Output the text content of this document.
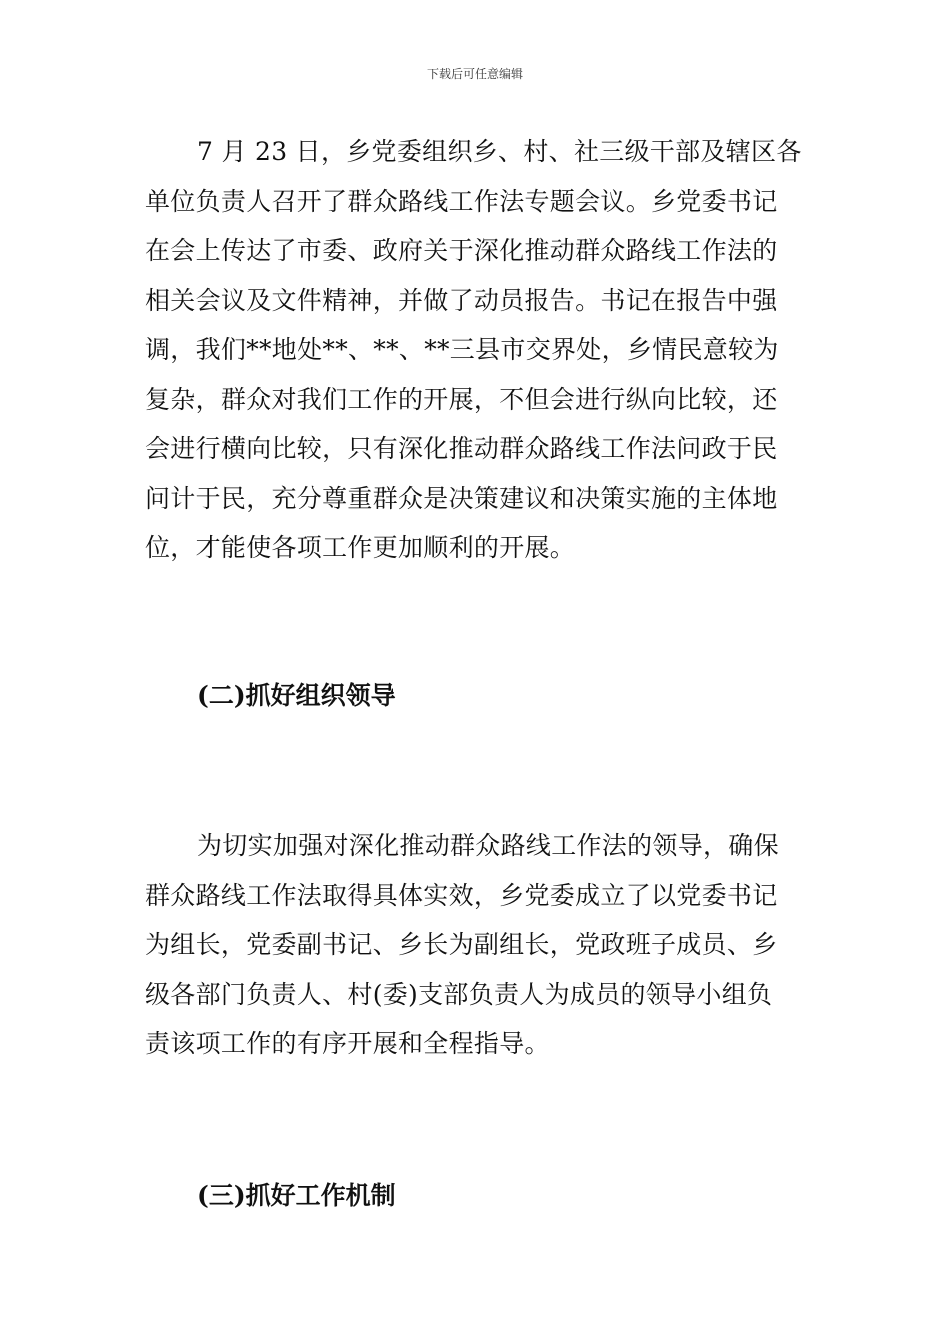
下载后可任意编辑
7 月 23 日，乡党委组织乡、村、社三级干部及辖区各
单位负责人召开了群众路线工作法专题会议。乡党委书记
在会上传达了市委、政府关于深化推动群众路线工作法的
相关会议及文件精神，并做了动员报告。书记在报告中强
调，我们**地处**、**、**三县市交界处，乡情民意较为
复杂，群众对我们工作的开展，不但会进行纵向比较，还
会进行横向比较，只有深化推动群众路线工作法问政于民
问计于民，充分尊重群众是决策建议和决策实施的主体地
位，才能使各项工作更加顺利的开展。
(二)抓好组织领导
为切实加强对深化推动群众路线工作法的领导，确保
群众路线工作法取得具体实效，乡党委成立了以党委书记
为组长，党委副书记、乡长为副组长，党政班子成员、乡
级各部门负责人、村(委)支部负责人为成员的领导小组负
责该项工作的有序开展和全程指导。
(三)抓好工作机制
